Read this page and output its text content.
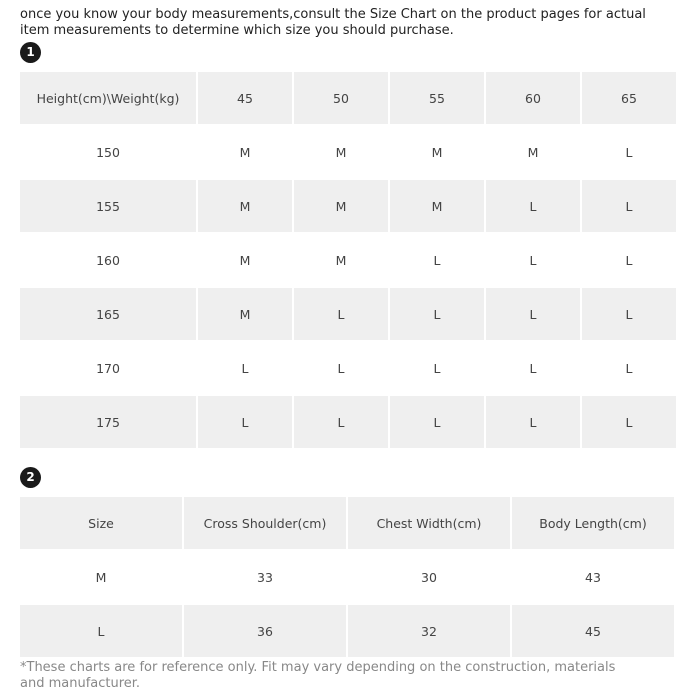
once you know your body measurements,consult the Size Chart on the product pages for actual item measurements to determine which size you should purchase.

1
Height(cm)\Weight(kg)	45	50	55	60	65
150	M	M	M	M	L
155	M	M	M	L	L
160	M	M	L	L	L
165	M	L	L	L	L
170	L	L	L	L	L
175	L	L	L	L	L
2
Size	Cross Shoulder(cm)	Chest Width(cm)	Body Length(cm)
M	33	30	43
L	36	32	45

*These charts are for reference only. Fit may vary depending on the construction, materials and manufacturer.
